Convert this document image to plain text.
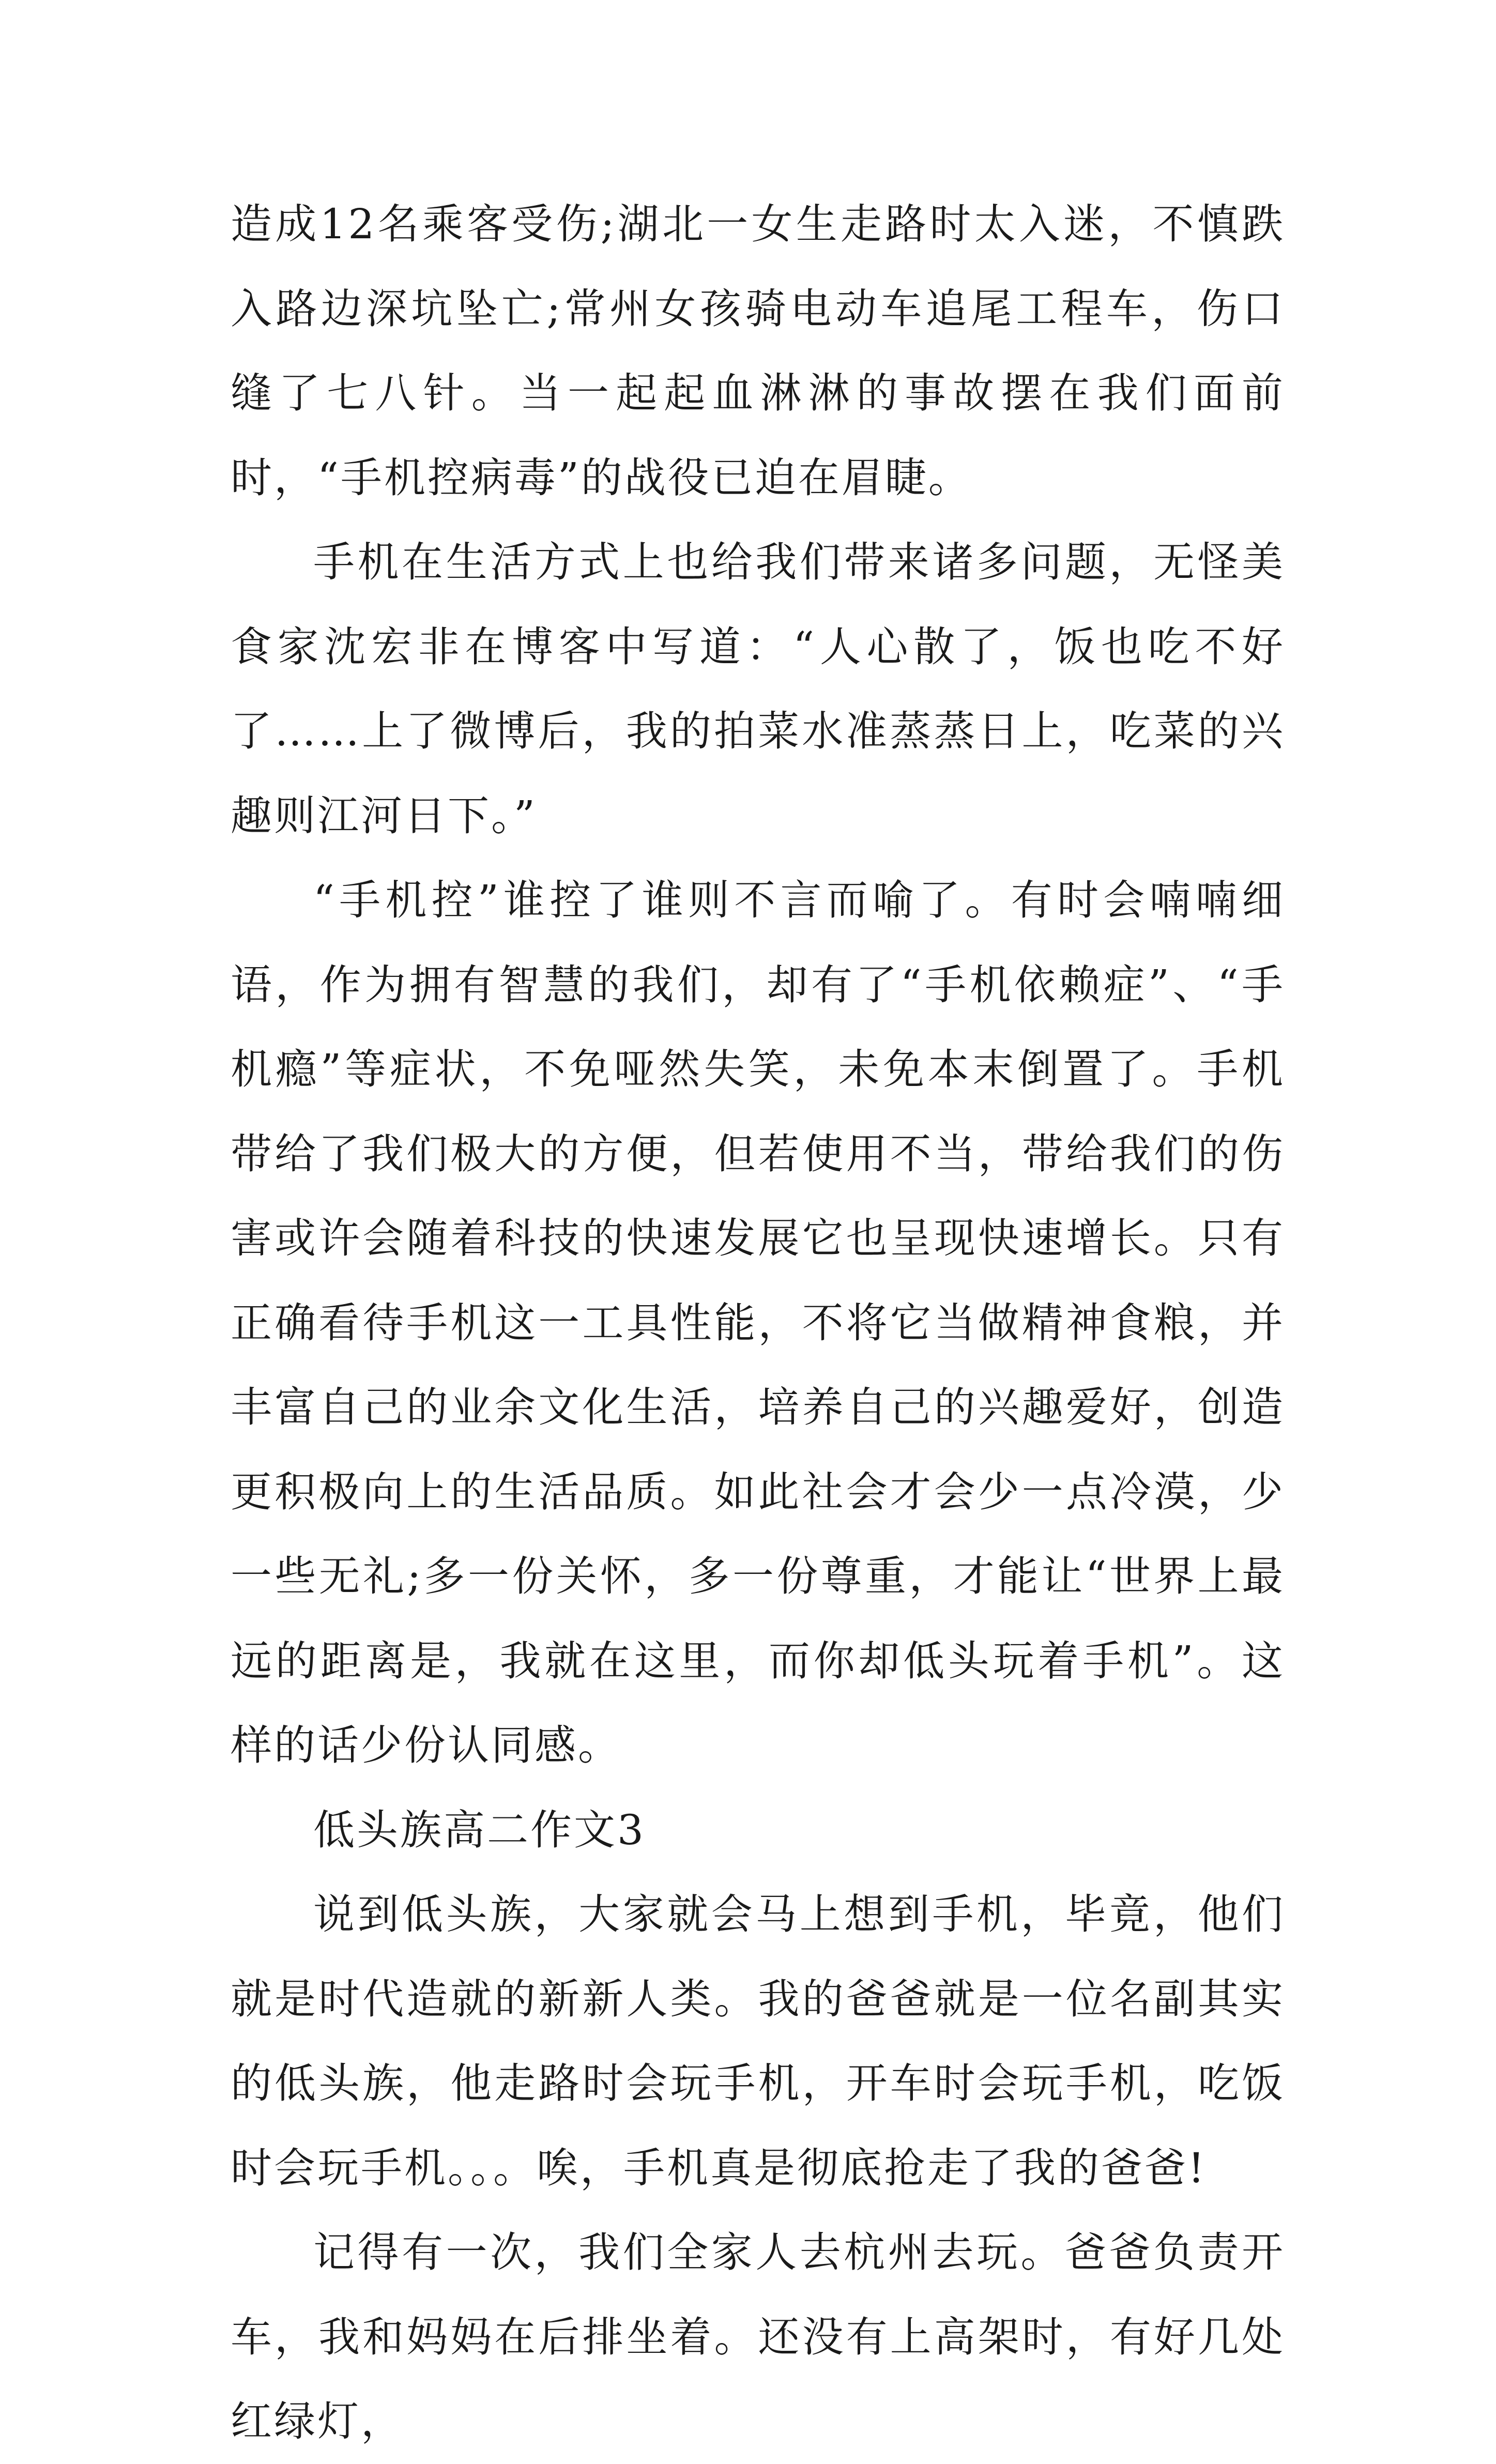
造成12名乘客受伤;湖北一女生走路时太入迷，不慎跌入路边深坑坠亡;常州女孩骑电动车追尾工程车，伤口缝了七八针。当一起起血淋淋的事故摆在我们面前时，“手机控病毒”的战役已迫在眉睫。

手机在生活方式上也给我们带来诸多问题，无怪美食家沈宏非在博客中写道：“人心散了，饭也吃不好了……上了微博后，我的拍菜水准蒸蒸日上，吃菜的兴趣则江河日下。”

“手机控”谁控了谁则不言而喻了。有时会喃喃细语，作为拥有智慧的我们，却有了“手机依赖症”、“手机瘾”等症状，不免哑然失笑，未免本末倒置了。手机带给了我们极大的方便，但若使用不当，带给我们的伤害或许会随着科技的快速发展它也呈现快速增长。只有正确看待手机这一工具性能，不将它当做精神食粮，并丰富自己的业余文化生活，培养自己的兴趣爱好，创造更积极向上的生活品质。如此社会才会少一点冷漠，少一些无礼;多一份关怀，多一份尊重，才能让“世界上最远的距离是，我就在这里，而你却低头玩着手机”。这样的话少份认同感。

低头族高二作文3

说到低头族，大家就会马上想到手机，毕竟，他们就是时代造就的新新人类。我的爸爸就是一位名副其实的低头族，他走路时会玩手机，开车时会玩手机，吃饭时会玩手机。。。唉，手机真是彻底抢走了我的爸爸!

记得有一次，我们全家人去杭州去玩。爸爸负责开车，我和妈妈在后排坐着。还没有上高架时，有好几处红绿灯，
